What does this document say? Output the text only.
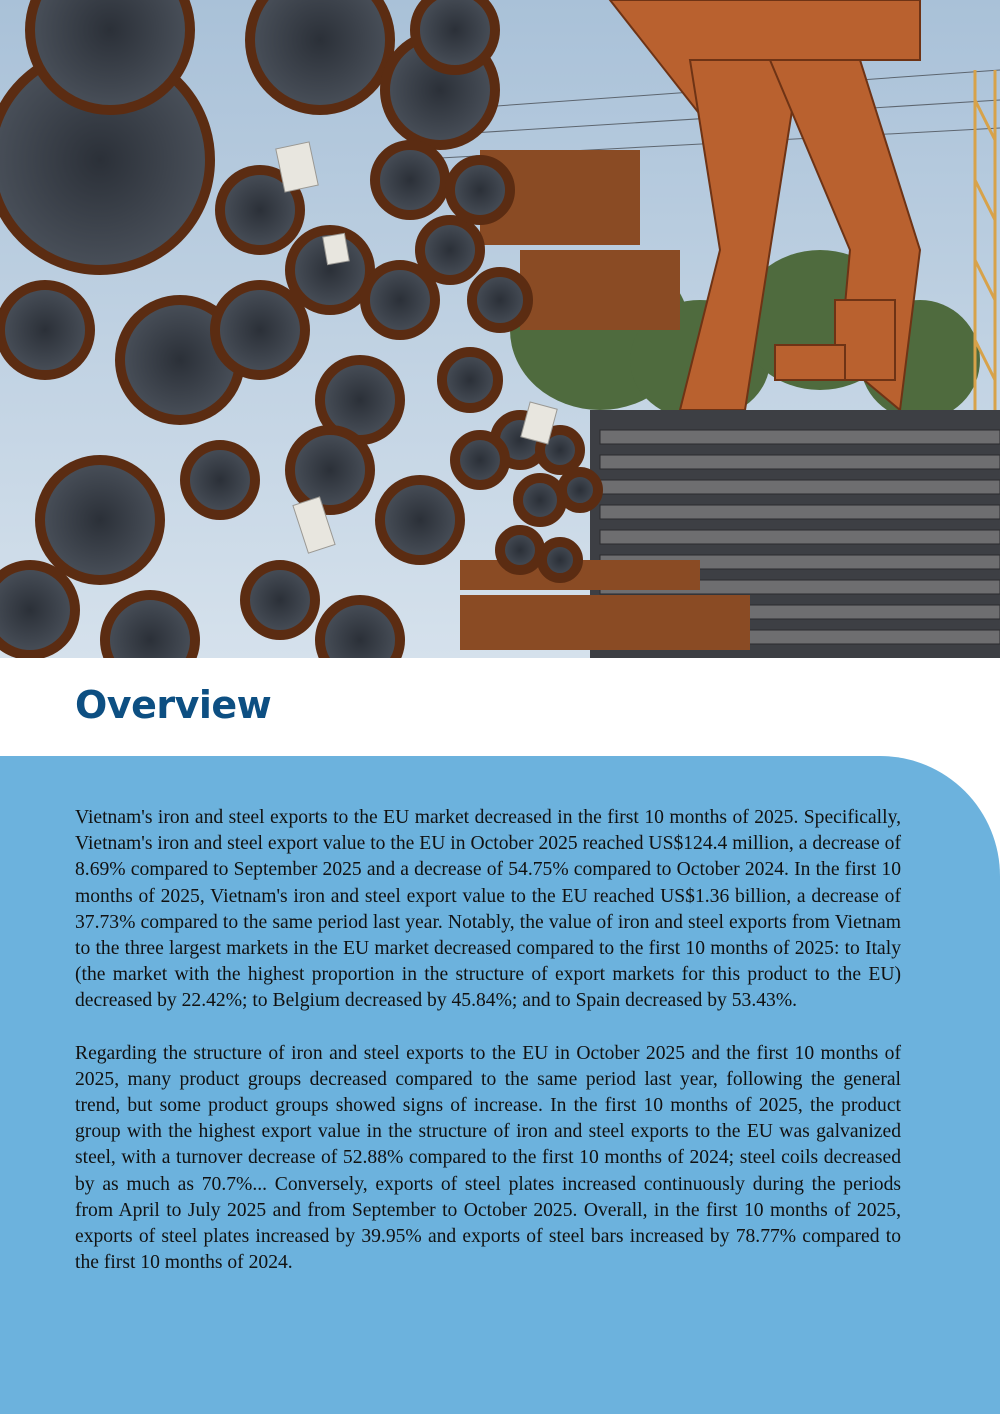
Overview

Vietnam's iron and steel exports to the EU market decreased in the first 10 months of 2025. Specifically, Vietnam's iron and steel export value to the EU in October 2025 reached US$124.4 million, a decrease of 8.69% compared to September 2025 and a decrease of 54.75% compared to October 2024. In the first 10 months of 2025, Vietnam's iron and steel export value to the EU reached US$1.36 billion, a decrease of 37.73% compared to the same period last year. Notably, the value of iron and steel exports from Vietnam to the three largest markets in the EU market decreased compared to the first 10 months of 2025: to Italy (the market with the highest proportion in the structure of export markets for this product to the EU) decreased by 22.42%; to Belgium decreased by 45.84%; and to Spain decreased by 53.43%.

Regarding the structure of iron and steel exports to the EU in October 2025 and the first 10 months of 2025, many product groups decreased compared to the same period last year, following the general trend, but some product groups showed signs of increase. In the first 10 months of 2025, the product group with the highest export value in the structure of iron and steel exports to the EU was galvanized steel, with a turnover decrease of 52.88% compared to the first 10 months of 2024; steel coils decreased by as much as 70.7%... Conversely, exports of steel plates increased continuously during the periods from April to July 2025 and from September to October 2025. Overall, in the first 10 months of 2025, exports of steel plates increased by 39.95% and exports of steel bars increased by 78.77% compared to the first 10 months of 2024.
